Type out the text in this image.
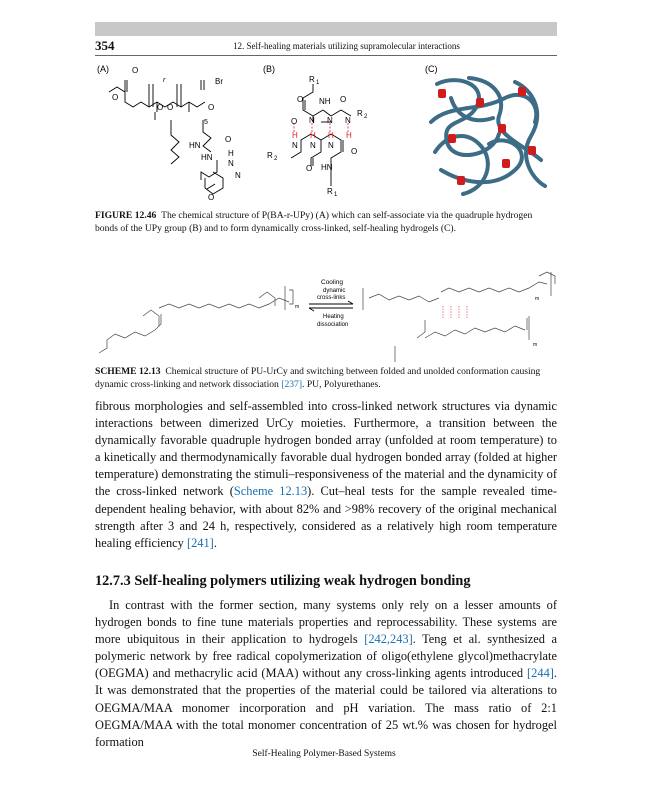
354	12. Self-healing materials utilizing supramolecular interactions
(A)	O
Br
O
O O	O
HN
O
HN H
N
N
O
r
5
(B)
R 1
NH O
O N N N
R 2
H H H H
R 2
N N N
O
O
HN
R 1
O
(C)
FIGURE 12.46 The chemical structure of P(BA-r-UPy) (A) which can self-associate via the quadruple hydrogen bonds of the UPy group (B) and to form dynamically cross-linked, self-healing hydrogels (C).
m
Cooling
dynamic
cross-links
Heating
dissociation
m
m
SCHEME 12.13 Chemical structure of PU-UrCy and switching between folded and unolded conformation causing dynamic cross-linking and network dissociation [237]. PU, Polyurethanes.

fibrous morphologies and self-assembled into cross-linked network structures via dynamic interactions between dimerized UrCy moieties. Furthermore, a transition between the dynamically favorable quadruple hydrogen bonded array (unfolded at room temperature) to a kinetically and thermodynamically favorable dual hydrogen bonded array (folded at higher temperature) demonstrating the stimuli–responsiveness of the material and the dynamicity of the cross-linked network (Scheme 12.13). Cut–heal tests for the sample revealed time-dependent healing behavior, with about 82% and >98% recovery of the original mechanical strength after 3 and 24 h, respectively, considered as a relatively high room temperature healing efficiency [241].

12.7.3 Self-healing polymers utilizing weak hydrogen bonding

In contrast with the former section, many systems only rely on a lesser amounts of hydrogen bonds to fine tune materials properties and reprocessability. These systems are more ubiquitous in their application to hydrogels [242,243]. Teng et al. synthesized a polymeric network by free radical copolymerization of oligo(ethylene glycol)methacrylate (OEGMA) and methacrylic acid (MAA) without any cross-linking agents introduced [244]. It was demonstrated that the properties of the material could be tailored via alterations to OEGMA/MAA monomer incorporation and pH variation. The mass ratio of 2:1 OEGMA/MAA with the total monomer concentration of 25 wt.% was chosen for hydrogel formation

Self-Healing Polymer-Based Systems
